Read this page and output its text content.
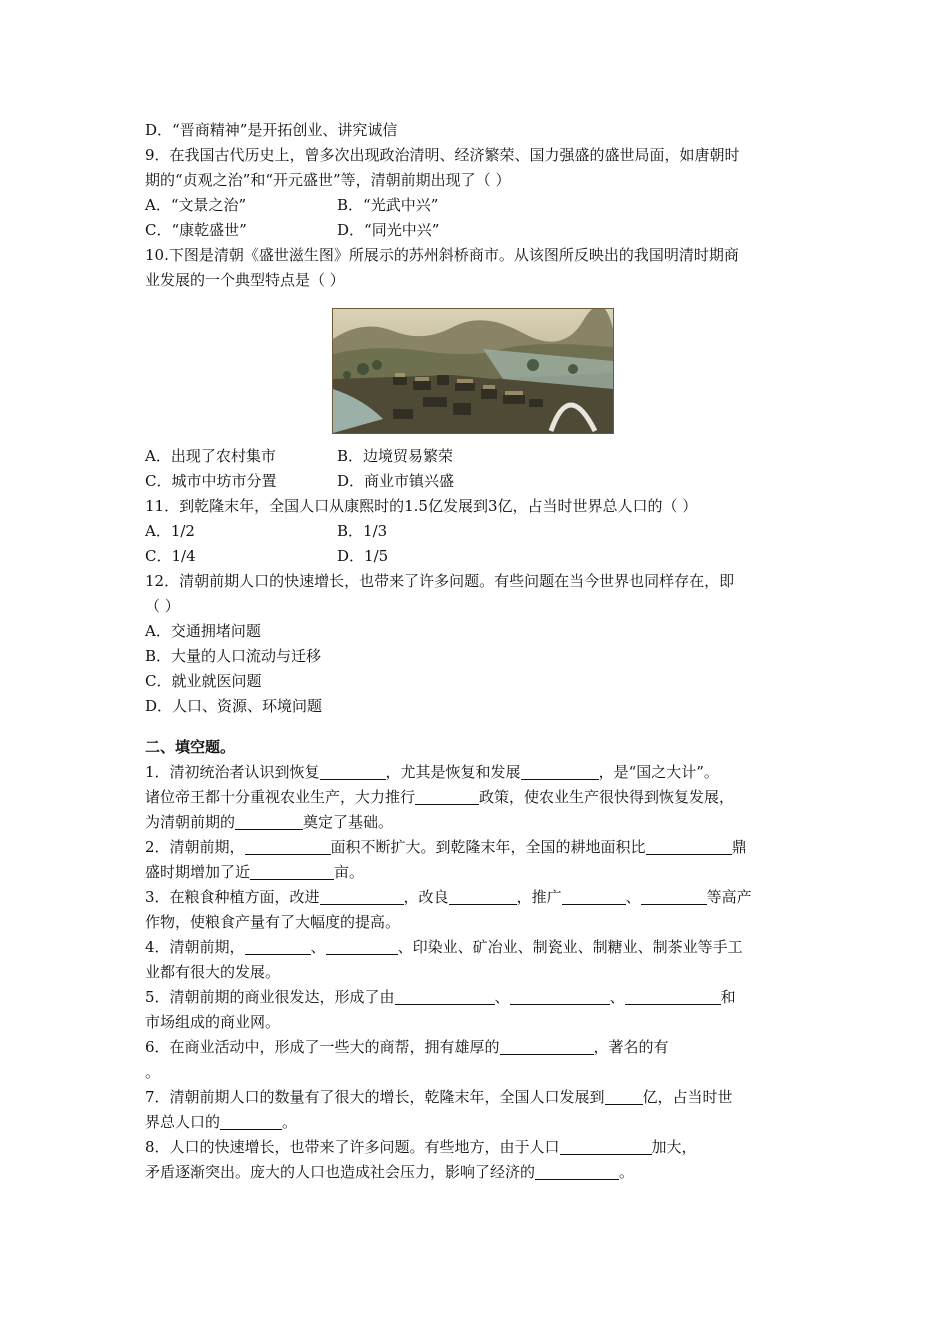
D．“晋商精神”是开拓创业、讲究诚信
9．在我国古代历史上，曾多次出现政治清明、经济繁荣、国力强盛的盛世局面，如唐朝时
期的“贞观之治”和“开元盛世”等，清朝前期出现了（ ）
A．“文景之治”	B．“光武中兴”
C．“康乾盛世”	D．“同光中兴”
10.下图是清朝《盛世滋生图》所展示的苏州斜桥商市。从该图所反映出的我国明清时期商
业发展的一个典型特点是（ ）
A．出现了农村集市	B．边境贸易繁荣
C．城市中坊市分置	D．商业市镇兴盛
11．到乾隆末年，全国人口从康熙时的1.5亿发展到3亿，占当时世界总人口的（ ）
A．1/2	B．1/3
C．1/4	D．1/5
12．清朝前期人口的快速增长，也带来了许多问题。有些问题在当今世界也同样存在，即
（ ）
A．交通拥堵问题
B．大量的人口流动与迁移
C．就业就医问题
D．人口、资源、环境问题
二、填空题。
1．清初统治者认识到恢复	，尤其是恢复和发展	，是“国之大计”。
诸位帝王都十分重视农业生产，大力推行	政策，使农业生产很快得到恢复发展，
为清朝前期的	奠定了基础。
2．清朝前期，	面积不断扩大。到乾隆末年，全国的耕地面积比	鼎
盛时期增加了近	亩。
3．在粮食种植方面，改进	，改良	，推广	、	等高产
作物，使粮食产量有了大幅度的提高。
4．清朝前期，	、	、印染业、矿冶业、制瓷业、制糖业、制茶业等手工
业都有很大的发展。
5．清朝前期的商业很发达，形成了由	、	、	和
市场组成的商业网。
6．在商业活动中，形成了一些大的商帮，拥有雄厚的	，著名的有
。
7．清朝前期人口的数量有了很大的增长，乾隆末年，全国人口发展到	亿，占当时世
界总人口的	。
8．人口的快速增长，也带来了许多问题。有些地方，由于人口	加大，
矛盾逐渐突出。庞大的人口也造成社会压力，影响了经济的	。
